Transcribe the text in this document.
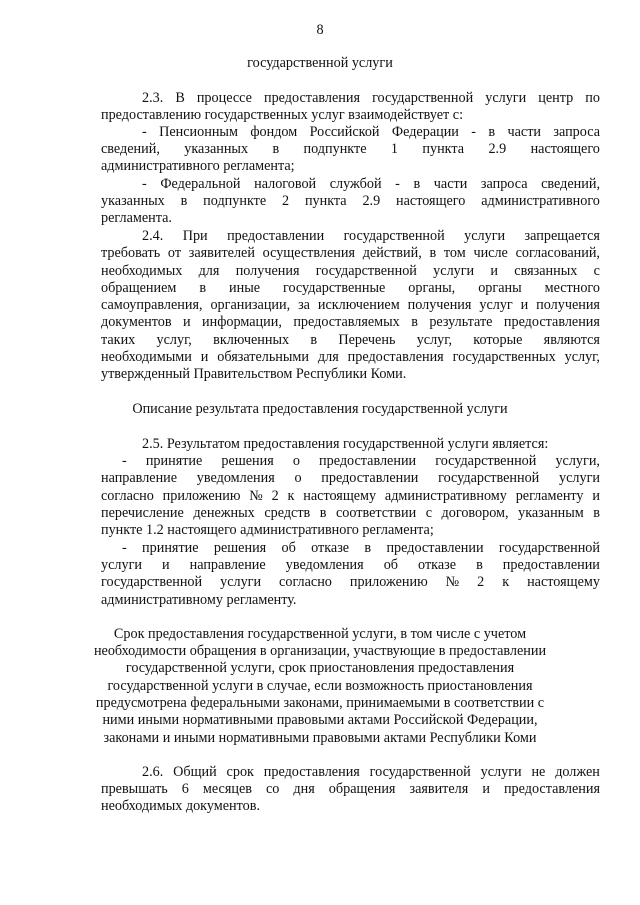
8
государственной услуги
2.3. В процессе предоставления государственной услуги центр по
предоставлению государственных услуг взаимодействует с:
- Пенсионным фондом Российской Федерации - в части запроса
сведений, указанных в подпункте 1 пункта 2.9 настоящего
административного регламента;
- Федеральной налоговой службой - в части запроса сведений,
указанных в подпункте 2 пункта 2.9 настоящего административного
регламента.
2.4. При предоставлении государственной услуги запрещается
требовать от заявителей осуществления действий, в том числе согласований,
необходимых для получения государственной услуги и связанных с
обращением в иные государственные органы, органы местного
самоуправления, организации, за исключением получения услуг и получения
документов и информации, предоставляемых в результате предоставления
таких услуг, включенных в Перечень услуг, которые являются
необходимыми и обязательными для предоставления государственных услуг,
утвержденный Правительством Республики Коми.
Описание результата предоставления государственной услуги
2.5. Результатом предоставления государственной услуги является:
- принятие решения о предоставлении государственной услуги,
направление уведомления о предоставлении государственной услуги
согласно приложению № 2 к настоящему административному регламенту и
перечисление денежных средств в соответствии с договором, указанным в
пункте 1.2 настоящего административного регламента;
- принятие решения об отказе в предоставлении государственной
услуги и направление уведомления об отказе в предоставлении
государственной услуги согласно приложению № 2 к настоящему
административному регламенту.
Срок предоставления государственной услуги, в том числе с учетом
необходимости обращения в организации, участвующие в предоставлении
государственной услуги, срок приостановления предоставления
государственной услуги в случае, если возможность приостановления
предусмотрена федеральными законами, принимаемыми в соответствии с
ними иными нормативными правовыми актами Российской Федерации,
законами и иными нормативными правовыми актами Республики Коми
2.6. Общий срок предоставления государственной услуги не должен
превышать 6 месяцев со дня обращения заявителя и предоставления
необходимых документов.
